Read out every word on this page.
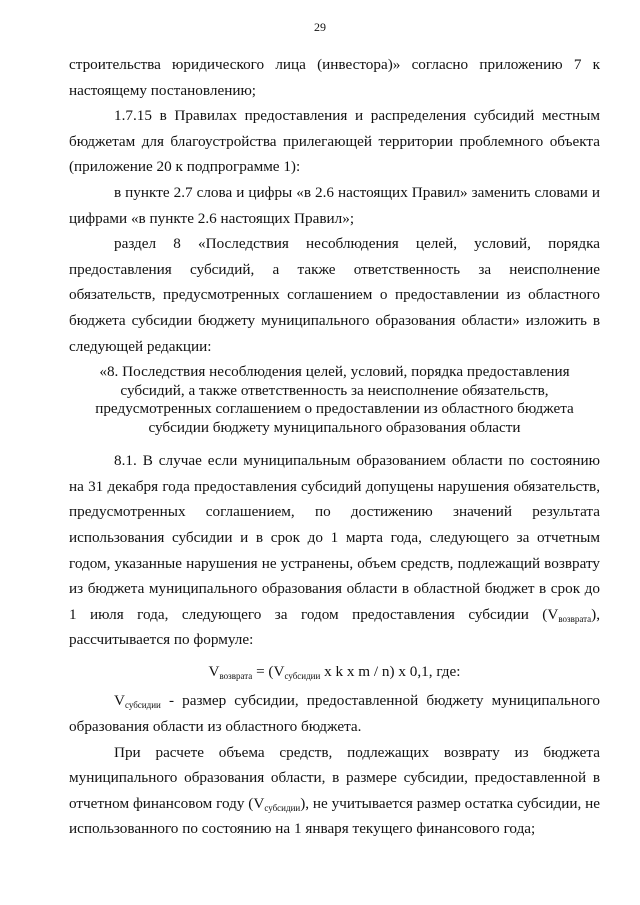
29

строительства юридического лица (инвестора)» согласно приложению 7 к настоящему постановлению;

1.7.15 в Правилах предоставления и распределения субсидий местным бюджетам для благоустройства прилегающей территории проблемного объекта (приложение 20 к подпрограмме 1):

в пункте 2.7 слова и цифры «в 2.6 настоящих Правил» заменить словами и цифрами «в пункте 2.6 настоящих Правил»;

раздел 8 «Последствия несоблюдения целей, условий, порядка предоставления субсидий, а также ответственность за неисполнение обязательств, предусмотренных соглашением о предоставлении из областного бюджета субсидии бюджету муниципального образования области» изложить в следующей редакции:

«8. Последствия несоблюдения целей, условий, порядка предоставления субсидий, а также ответственность за неисполнение обязательств, предусмотренных соглашением о предоставлении из областного бюджета субсидии бюджету муниципального образования области

8.1. В случае если муниципальным образованием области по состоянию на 31 декабря года предоставления субсидий допущены нарушения обязательств, предусмотренных соглашением, по достижению значений результата использования субсидии и в срок до 1 марта года, следующего за отчетным годом, указанные нарушения не устранены, объем средств, подлежащий возврату из бюджета муниципального образования области в областной бюджет в срок до 1 июля года, следующего за годом предоставления субсидии $(V_{возврата})$, рассчитывается по формуле:

$V_{возврата} = (V_{субсидии}$ x k x m / n) x 0,1, где:

$V_{субсидии}$ - размер субсидии, предоставленной бюджету муниципального образования области из областного бюджета.

При расчете объема средств, подлежащих возврату из бюджета муниципального образования области, в размере субсидии, предоставленной в отчетном финансовом году $(V_{субсидии})$, не учитывается размер остатка субсидии, не использованного по состоянию на 1 января текущего финансового года;
